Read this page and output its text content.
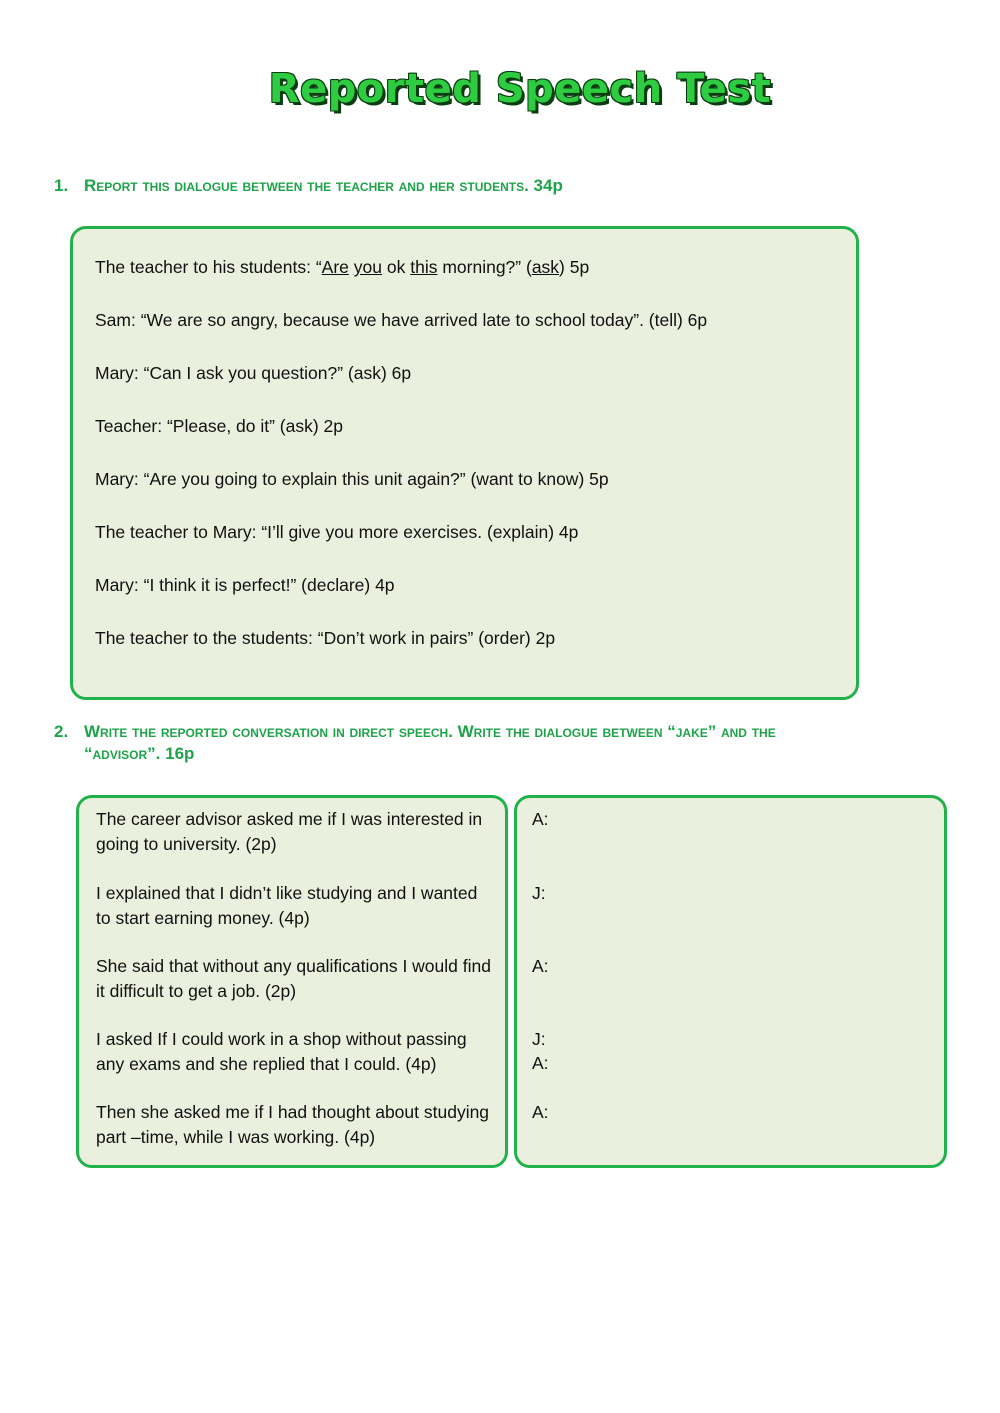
Reported Speech Test
1. Report this dialogue between the teacher and her students. 34p
The teacher to his students: “Are you ok this morning?” (ask) 5p
Sam: “We are so angry, because we have arrived late to school today”. (tell) 6p
Mary: “Can I ask you question?” (ask) 6p
Teacher: “Please, do it” (ask) 2p
Mary: “Are you going to explain this unit again?” (want to know) 5p
The teacher to Mary: “I’ll give you more exercises. (explain) 4p
Mary: “I think it is perfect!” (declare) 4p
The teacher to the students: “Don’t work in pairs” (order) 2p
2. Write the reported conversation in direct speech. Write the dialogue between “jake” and the
“advisor”. 16p
The career advisor asked me if I was interested in going to university. (2p)
I explained that I didn’t like studying and I wanted to start earning money. (4p)
She said that without any qualifications I would find it difficult to get a job. (2p)
I asked If I could work in a shop without passing any exams and she replied that I could. (4p)
Then she asked me if I had thought about studying part –time, while I was working. (4p)
A:
J:
A:
J:
A:
A:
